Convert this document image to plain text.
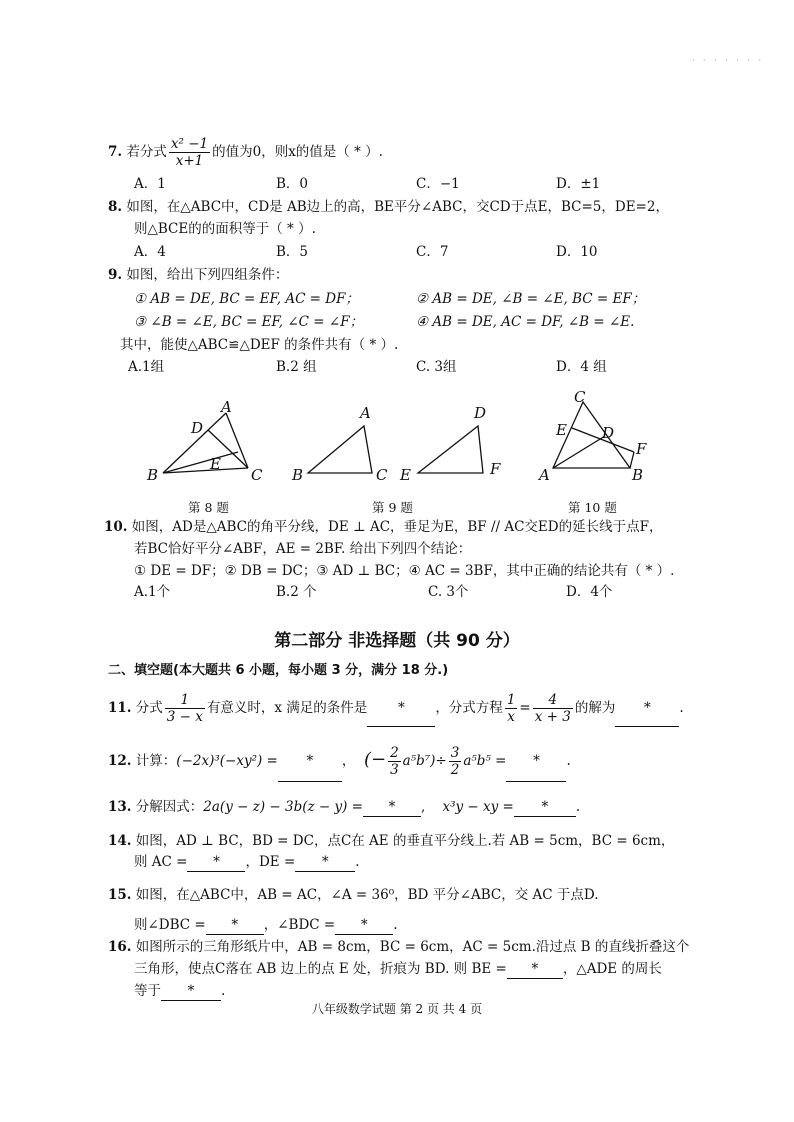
· · · · · · ·
7. 若分式 $\frac{\text{x² −1}}{x+1}$ 的值为0，则x的值是（ * ）.
A．1	B．0	C．−1	D．±1
8. 如图，在△ABC中，CD是 AB边上的高，BE平分∠ABC，交CD于点E，BC=5，DE=2，
则△BCE的的面积等于（ * ）.
A．4	B．5	C．7	D．10
9. 如图，给出下列四组条件：
① AB = DE, BC = EF, AC = DF；	② AB = DE, ∠B = ∠E, BC = EF；
③ ∠B = ∠E, BC = EF, ∠C = ∠F；	④ AB = DE, AC = DF, ∠B = ∠E.
其中，能使△ABC≌△DEF 的条件共有（ * ）.
A.1组	B.2 组	C. 3组	D．4 组
A
D
E
B	C
A
B	C
D
E	F
C
E D
F
A	B
第 8 题	第 9 题	第 10 题
10. 如图，AD是△ABC的角平分线，DE ⊥ AC，垂足为E，BF // AC交ED的延长线于点F，
若BC恰好平分∠ABF，AE = 2BF. 给出下列四个结论：
① DE = DF；② DB = DC；③ AD ⊥ BC；④ AC = 3BF，其中正确的结论共有（ * ）.
A.1个	B.2 个	C. 3个	D．4个
第二部分 非选择题（共 90 分）
二、填空题(本大题共 6 小题，每小题 3 分，满分 18 分.)
11. 分式 $\frac{1}{3 - x}$ 有意义时，x 满足的条件是 * ，分式方程 $\frac{1}{x} = \frac{4}{x + 3}$ 的解为 * .
12. 计算：(−2x)³(−xy²) = * ，  (− $\frac{2}{3} a^5b^7)\div \frac{3}{2} a^5b^5$ = * .
13. 分解因式：2a(y − z) − 3b(z − y) = * ,    x³y − xy = * .
14. 如图，AD ⊥ BC，BD = DC，点C在 AE 的垂直平分线上.若 AB = 5cm，BC = 6cm，
则 AC = * ，DE = * .
15. 如图，在△ABC中，AB = AC，∠A = 36⁰，BD 平分∠ABC，交 AC 于点D.
则∠DBC = * ，∠BDC = * .
16. 如图所示的三角形纸片中，AB = 8cm，BC = 6cm，AC = 5cm.沿过点 B 的直线折叠这个
三角形，使点C落在 AB 边上的点 E 处，折痕为 BD. 则 BE = * ，△ADE 的周长
等于 * .
八年级数学试题 第 2 页 共 4 页
